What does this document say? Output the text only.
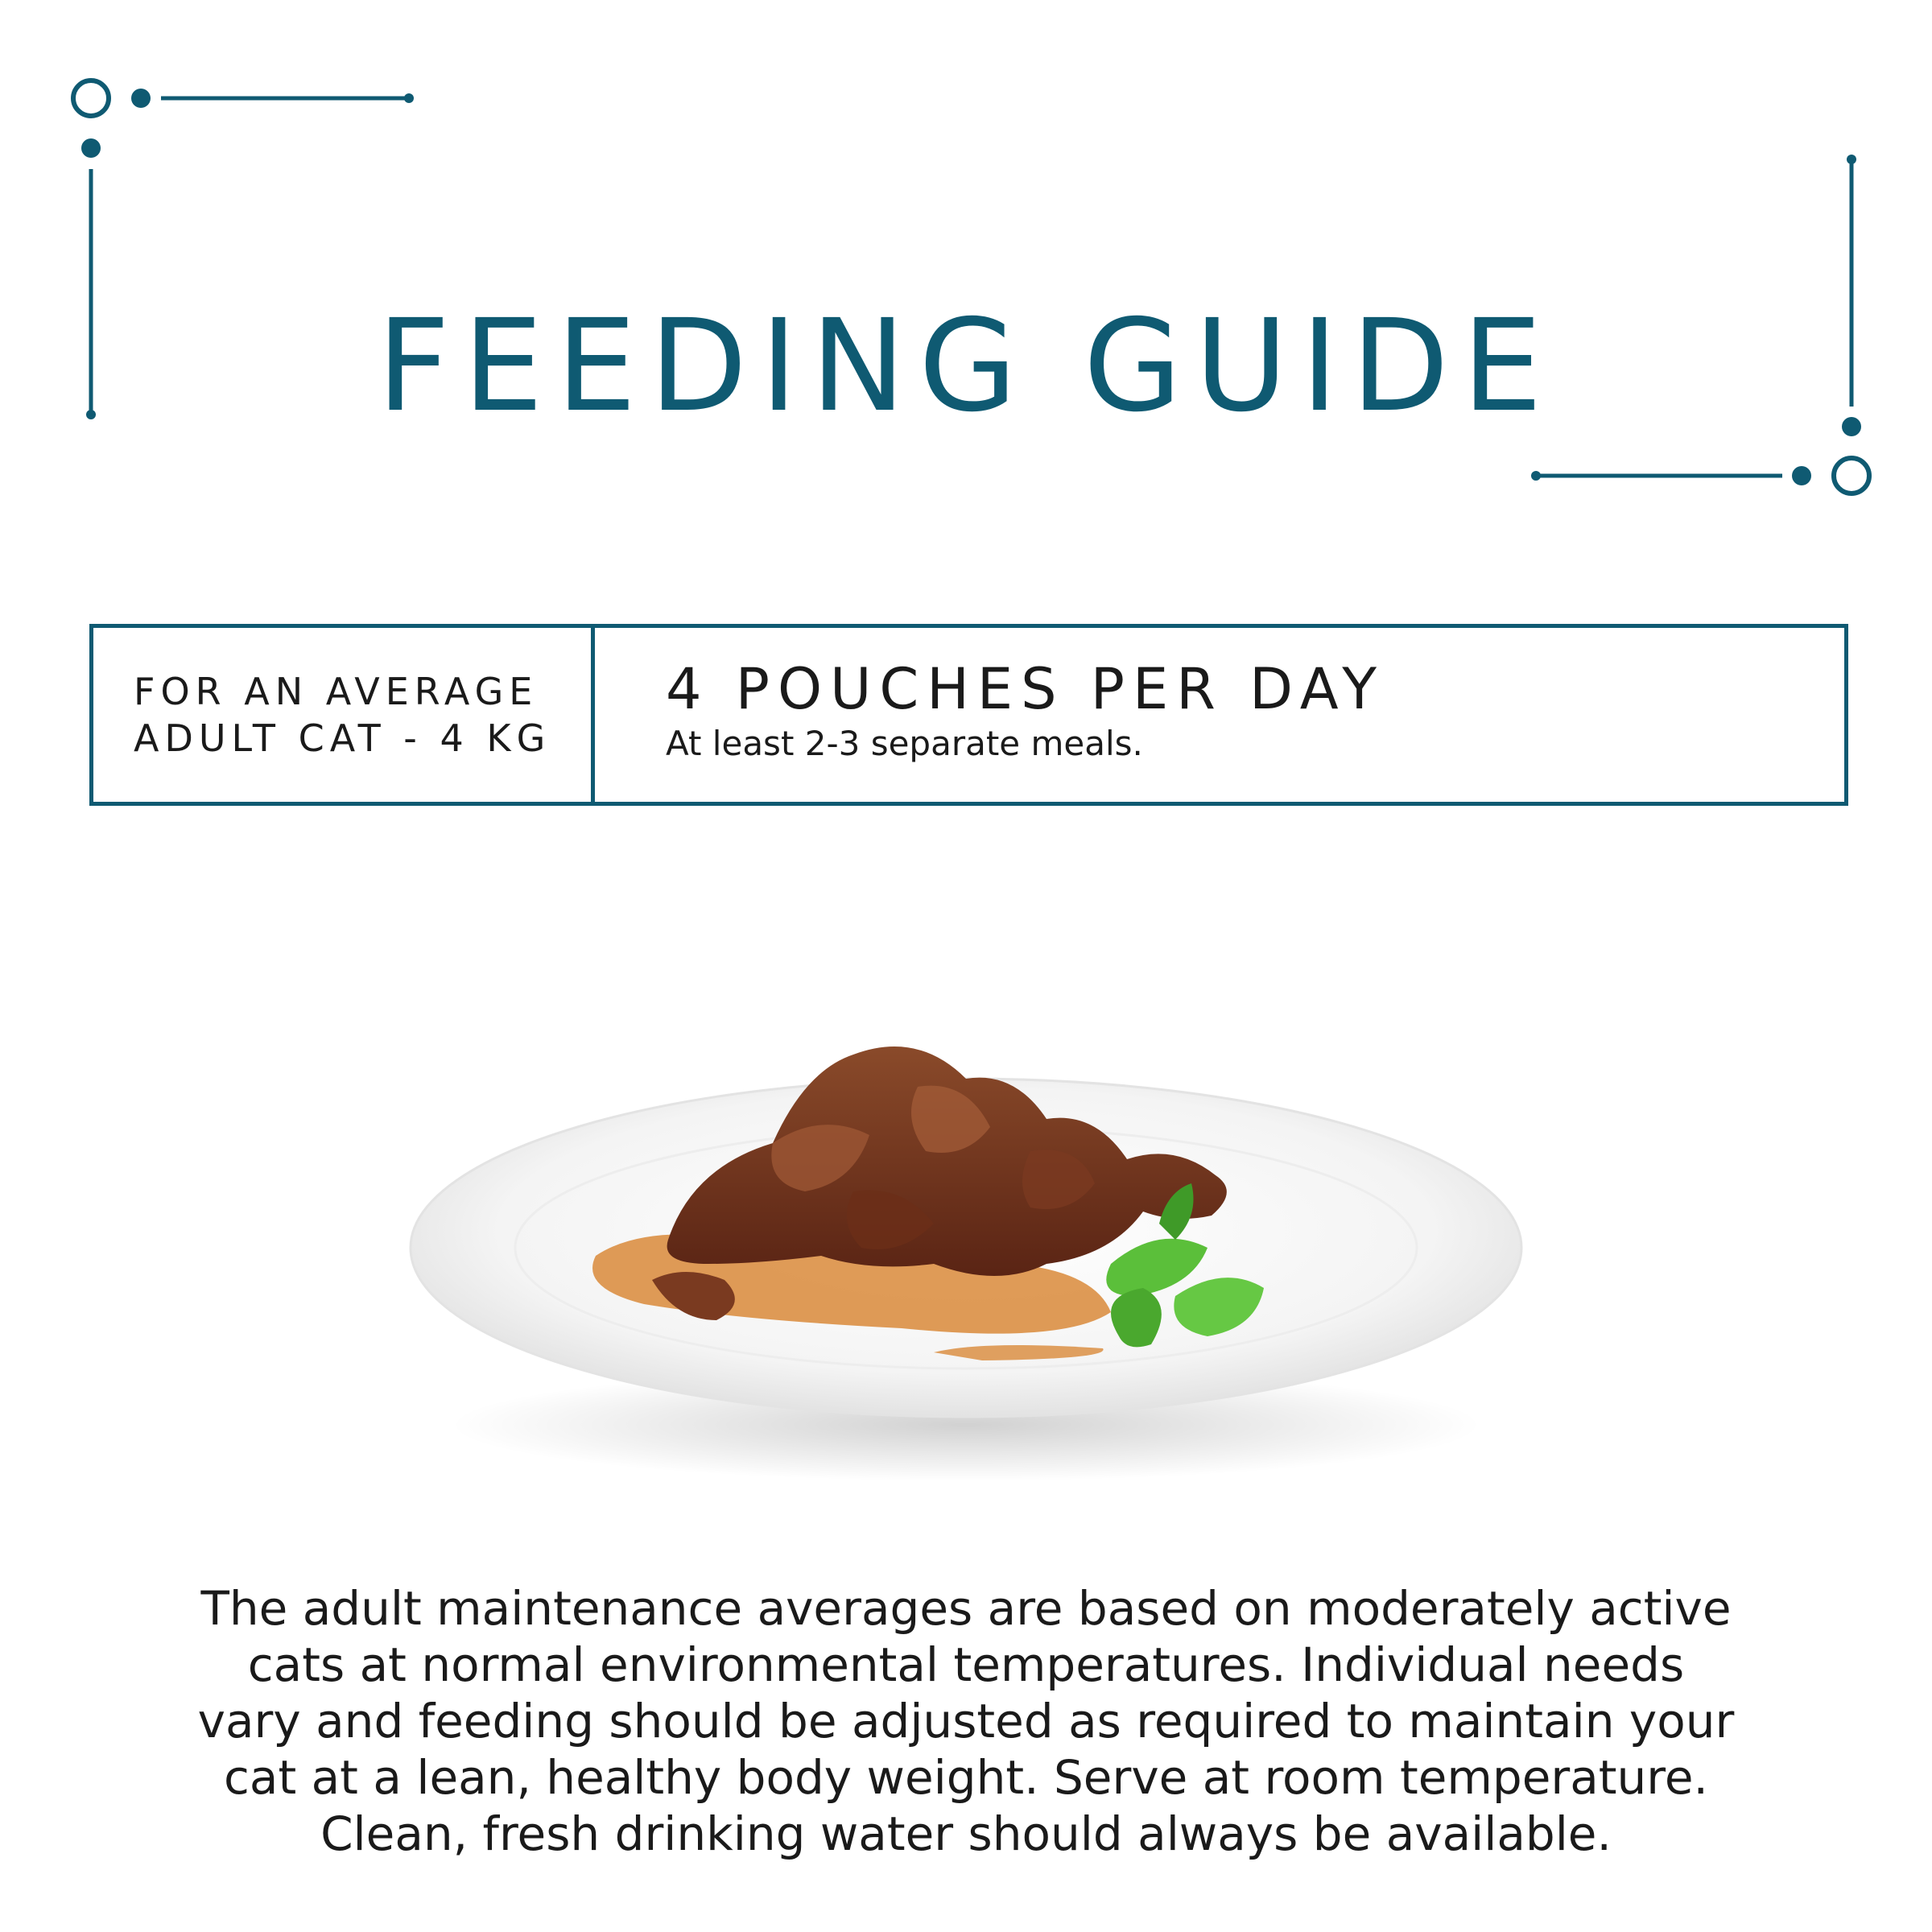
FEEDING GUIDE
FOR AN AVERAGE
ADULT CAT - 4 KG
4 POUCHES PER DAY
At least 2-3 separate meals.

The adult maintenance averages are based on moderately active cats at normal environmental temperatures. Individual needs vary and feeding should be adjusted as required to maintain your cat at a lean, healthy body weight. Serve at room temperature. Clean, fresh drinking water should always be available.
